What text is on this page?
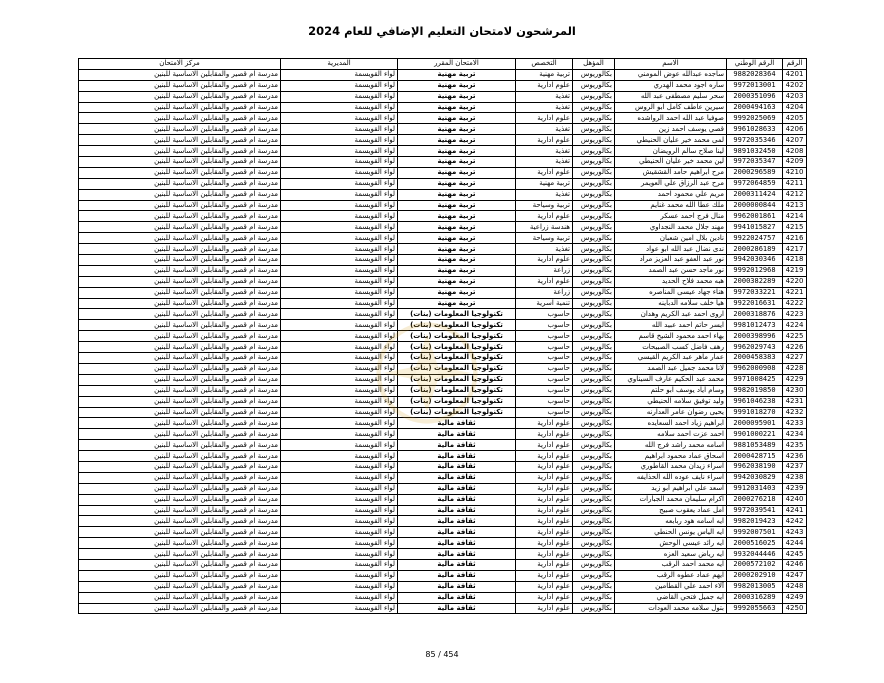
المرشحون لامتحان التعليم الإضافي للعام 2024
الرقم	الرقم الوطني	الاسم	المؤهل	التخصص	الامتحان المقرر	المديرية	مركز الامتحان
4201	9882028364	ساجده عبدالله عوض المومني	بكالوريوس	تربية مهنية	تربية مهنية	لواء القويسمة	مدرسة ام قصير والمقابلين الاساسية للبنين
4202	9972013001	ساره اجود محمد الهدري	بكالوريوس	علوم ادارية	تربية مهنية	لواء القويسمة	مدرسة ام قصير والمقابلين الاساسية للبنين
4203	2000351096	سحر سليم مصطفى عبد الله	بكالوريوس	تغذية	تربية مهنية	لواء القويسمة	مدرسة ام قصير والمقابلين الاساسية للبنين
4204	2000494163	سيرين عاطف كامل ابو الروس	بكالوريوس	تغذية	تربية مهنية	لواء القويسمة	مدرسة ام قصير والمقابلين الاساسية للبنين
4205	9992025069	صوفيا عبد الله احمد الرواشده	بكالوريوس	علوم ادارية	تربية مهنية	لواء القويسمة	مدرسة ام قصير والمقابلين الاساسية للبنين
4206	9961028633	قصي يوسف احمد زين	بكالوريوس	تغذية	تربية مهنية	لواء القويسمة	مدرسة ام قصير والمقابلين الاساسية للبنين
4207	9972035346	لمى محمد خير عليان الحنيطي	بكالوريوس	علوم ادارية	تربية مهنية	لواء القويسمة	مدرسة ام قصير والمقابلين الاساسية للبنين
4208	9891032450	لينا صلاح سالم الرويضان	بكالوريوس	تغذية	تربية مهنية	لواء القويسمة	مدرسة ام قصير والمقابلين الاساسية للبنين
4209	9972035347	لين محمد خير عليان الحنيطي	بكالوريوس	تغذية	تربية مهنية	لواء القويسمة	مدرسة ام قصير والمقابلين الاساسية للبنين
4210	2000296589	مرح ابراهيم حامد القشقيش	بكالوريوس	علوم ادارية	تربية مهنية	لواء القويسمة	مدرسة ام قصير والمقابلين الاساسية للبنين
4211	9972064859	مرح عبد الرزاق علي العويمر	بكالوريوس	تربية مهنية	تربية مهنية	لواء القويسمة	مدرسة ام قصير والمقابلين الاساسية للبنين
4212	2000311424	مريم علي محمود احمد	بكالوريوس	تغذية	تربية مهنية	لواء القويسمة	مدرسة ام قصير والمقابلين الاساسية للبنين
4213	2000000844	ملك عطا الله محمد غنايم	بكالوريوس	تربية وسياحة	تربية مهنية	لواء القويسمة	مدرسة ام قصير والمقابلين الاساسية للبنين
4214	9962001861	منال فرج احمد عسكر	بكالوريوس	علوم ادارية	تربية مهنية	لواء القويسمة	مدرسة ام قصير والمقابلين الاساسية للبنين
4215	9941015827	مهند جلال محمد النجداوي	بكالوريوس	هندسة زراعية	تربية مهنية	لواء القويسمة	مدرسة ام قصير والمقابلين الاساسية للبنين
4216	9922024757	نادين بلال امين شعبان	بكالوريوس	تربية وسياحة	تربية مهنية	لواء القويسمة	مدرسة ام قصير والمقابلين الاساسية للبنين
4217	2000286189	ندى نضال عبد الله ابو عواد	بكالوريوس	تغذية	تربية مهنية	لواء القويسمة	مدرسة ام قصير والمقابلين الاساسية للبنين
4218	9942030346	نور عبد العفو عبد العزيز مراد	بكالوريوس	علوم ادارية	تربية مهنية	لواء القويسمة	مدرسة ام قصير والمقابلين الاساسية للبنين
4219	9992012968	نور ماجد حسن عبد الصمد	بكالوريوس	زراعة	تربية مهنية	لواء القويسمة	مدرسة ام قصير والمقابلين الاساسية للبنين
4220	2000382289	هبه محمد فلاح الحديد	بكالوريوس	علوم ادارية	تربية مهنية	لواء القويسمة	مدرسة ام قصير والمقابلين الاساسية للبنين
4221	9972033221	هناء جهاد عيسى المناصره	بكالوريوس	زراعة	تربية مهنية	لواء القويسمة	مدرسة ام قصير والمقابلين الاساسية للبنين
4222	9922016631	هيا خلف سلامه الدباينه	بكالوريوس	تنمية اسرية	تربية مهنية	لواء القويسمة	مدرسة ام قصير والمقابلين الاساسية للبنين
4223	2000318876	اروى احمد عبد الكريم وهدان	بكالوريوس	حاسوب	تكنولوجيا المعلومات (بنات)	لواء القويسمة	مدرسة ام قصير والمقابلين الاساسية للبنين
4224	9981012473	ايسر حاتم احمد عبيد الله	بكالوريوس	حاسوب	تكنولوجيا المعلومات (بنات)	لواء القويسمة	مدرسة ام قصير والمقابلين الاساسية للبنين
4225	2000398996	بهاء احمد محمود الشيخ قاسم	بكالوريوس	حاسوب	تكنولوجيا المعلومات (بنات)	لواء القويسمة	مدرسة ام قصير والمقابلين الاساسية للبنين
4226	9962029743	رهف فاضل كسب الصبيحات	بكالوريوس	حاسوب	تكنولوجيا المعلومات (بنات)	لواء القويسمة	مدرسة ام قصير والمقابلين الاساسية للبنين
4227	2000458383	عمار ماهر عبد الكريم القيسي	بكالوريوس	حاسوب	تكنولوجيا المعلومات (بنات)	لواء القويسمة	مدرسة ام قصير والمقابلين الاساسية للبنين
4228	9962000908	لانا محمد جميل عبد الصمد	بكالوريوس	حاسوب	تكنولوجيا المعلومات (بنات)	لواء القويسمة	مدرسة ام قصير والمقابلين الاساسية للبنين
4229	9971008425	محمد عبد الحكيم عارف السيناوي	بكالوريوس	حاسوب	تكنولوجيا المعلومات (بنات)	لواء القويسمة	مدرسة ام قصير والمقابلين الاساسية للبنين
4230	9982019850	وسام اياد يوسف ابو حلتم	بكالوريوس	حاسوب	تكنولوجيا المعلومات (بنات)	لواء القويسمة	مدرسة ام قصير والمقابلين الاساسية للبنين
4231	9961046238	وليد توفيق سلامه الحنيطي	بكالوريوس	حاسوب	تكنولوجيا المعلومات (بنات)	لواء القويسمة	مدرسة ام قصير والمقابلين الاساسية للبنين
4232	9991018270	يحيى رضوان عامر العدارنه	بكالوريوس	حاسوب	تكنولوجيا المعلومات (بنات)	لواء القويسمة	مدرسة ام قصير والمقابلين الاساسية للبنين
4233	2000095901	ابراهيم زياد احمد السعايده	بكالوريوس	علوم ادارية	ثقافة مالية	لواء القويسمة	مدرسة ام قصير والمقابلين الاساسية للبنين
4234	9901000221	احمد عزت احمد سلامه	بكالوريوس	علوم ادارية	ثقافة مالية	لواء القويسمة	مدرسة ام قصير والمقابلين الاساسية للبنين
4235	9881053489	اسامه محمد راشد فرج الله	بكالوريوس	علوم ادارية	ثقافة مالية	لواء القويسمة	مدرسة ام قصير والمقابلين الاساسية للبنين
4236	2000428715	اسحاق عماد محمود ابراهيم	بكالوريوس	علوم ادارية	ثقافة مالية	لواء القويسمة	مدرسة ام قصير والمقابلين الاساسية للبنين
4237	9962038190	اسراء زيدان محمد القاطوري	بكالوريوس	علوم ادارية	ثقافة مالية	لواء القويسمة	مدرسة ام قصير والمقابلين الاساسية للبنين
4238	9942030829	اسراء نايف عوده الله الحذايفه	بكالوريوس	علوم ادارية	ثقافة مالية	لواء القويسمة	مدرسة ام قصير والمقابلين الاساسية للبنين
4239	9912031403	اسعد علي ابراهيم ابو زيد	بكالوريوس	علوم ادارية	ثقافة مالية	لواء القويسمة	مدرسة ام قصير والمقابلين الاساسية للبنين
4240	2000276218	اكرام سليمان محمد الجبارات	بكالوريوس	علوم ادارية	ثقافة مالية	لواء القويسمة	مدرسة ام قصير والمقابلين الاساسية للبنين
4241	9972039541	امل عماد يعقوب صبيح	بكالوريوس	علوم ادارية	ثقافة مالية	لواء القويسمة	مدرسة ام قصير والمقابلين الاساسية للبنين
4242	9982019423	ايه اسامه هود ربابعه	بكالوريوس	علوم ادارية	ثقافة مالية	لواء القويسمة	مدرسة ام قصير والمقابلين الاساسية للبنين
4243	9992007501	ايه الياس يونس الحنطي	بكالوريوس	علوم ادارية	ثقافة مالية	لواء القويسمة	مدرسة ام قصير والمقابلين الاساسية للبنين
4244	2000516025	ايه رائد عيسى الوحش	بكالوريوس	علوم ادارية	ثقافة مالية	لواء القويسمة	مدرسة ام قصير والمقابلين الاساسية للبنين
4245	9932044446	ايه رياض سعيد العزه	بكالوريوس	علوم ادارية	ثقافة مالية	لواء القويسمة	مدرسة ام قصير والمقابلين الاساسية للبنين
4246	2000572102	ايه محمد احمد الرقب	بكالوريوس	علوم ادارية	ثقافة مالية	لواء القويسمة	مدرسة ام قصير والمقابلين الاساسية للبنين
4247	2000202910	ايهم عماد عطوه الرقب	بكالوريوس	علوم ادارية	ثقافة مالية	لواء القويسمة	مدرسة ام قصير والمقابلين الاساسية للبنين
4248	9982013005	آلاء احمد علي القطامين	بكالوريوس	علوم ادارية	ثقافة مالية	لواء القويسمة	مدرسة ام قصير والمقابلين الاساسية للبنين
4249	2000316289	ايه جميل فتحي القاضي	بكالوريوس	علوم ادارية	ثقافة مالية	لواء القويسمة	مدرسة ام قصير والمقابلين الاساسية للبنين
4250	9992055663	بتول سلامه محمد العودات	بكالوريوس	علوم ادارية	ثقافة مالية	لواء القويسمة	مدرسة ام قصير والمقابلين الاساسية للبنين
85 / 454
